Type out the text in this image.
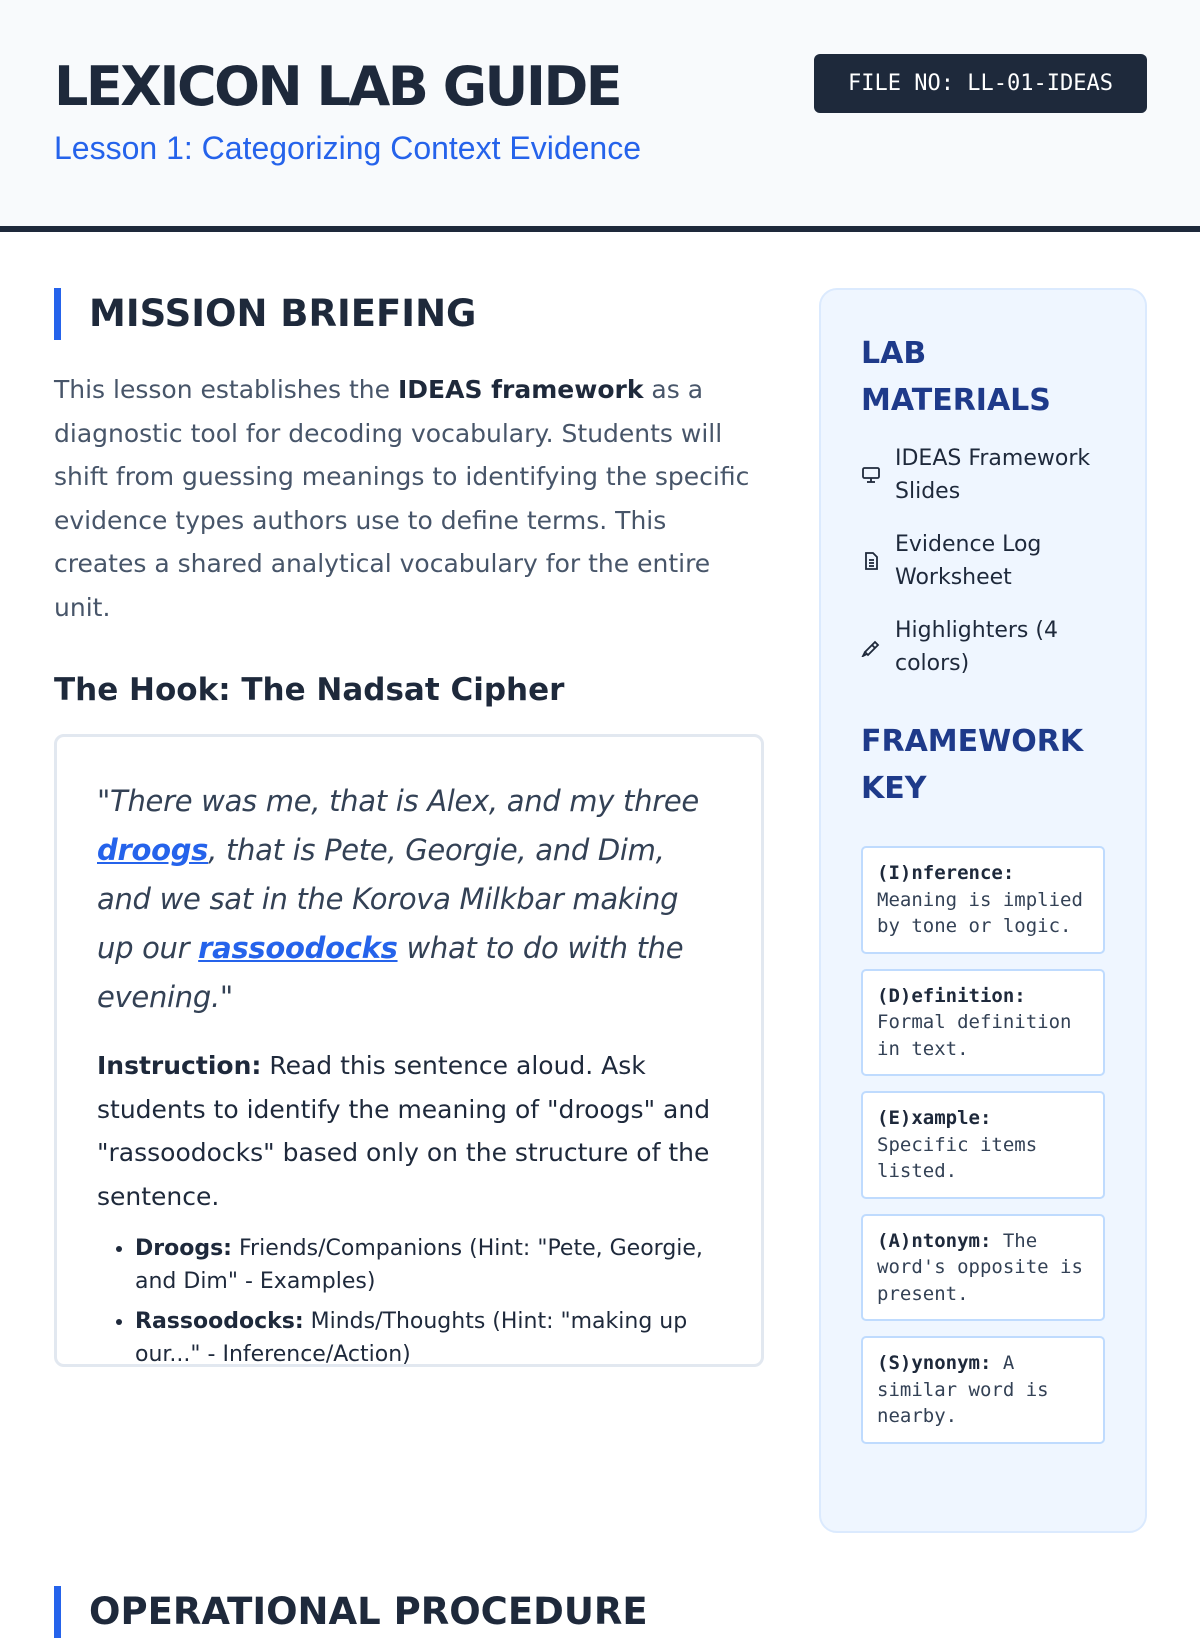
LEXICON LAB GUIDE
Lesson 1: Categorizing Context Evidence
FILE NO: LL-01-IDEAS
MISSION BRIEFING

This lesson establishes the IDEAS framework as a diagnostic tool for decoding vocabulary. Students will shift from guessing meanings to identifying the specific evidence types authors use to define terms. This creates a shared analytical vocabulary for the entire unit.

The Hook: The Nadsat Cipher

"There was me, that is Alex, and my three droogs, that is Pete, Georgie, and Dim, and we sat in the Korova Milkbar making up our rassoodocks what to do with the evening."

Instruction: Read this sentence aloud. Ask students to identify the meaning of "droogs" and "rassoodocks" based only on the structure of the sentence.

• Droogs: Friends/Companions (Hint: "Pete, Georgie, and Dim" - Examples)
• Rassoodocks: Minds/Thoughts (Hint: "making up our..." - Inference/Action)
LAB MATERIALS
IDEAS Framework Slides
Evidence Log Worksheet
Highlighters (4 colors)
FRAMEWORK KEY
(I)nference: Meaning is implied by tone or logic.
(D)efinition: Formal definition in text.
(E)xample: Specific items listed.
(A)ntonym: The word's opposite is present.
(S)ynonym: A similar word is nearby.
OPERATIONAL PROCEDURE
